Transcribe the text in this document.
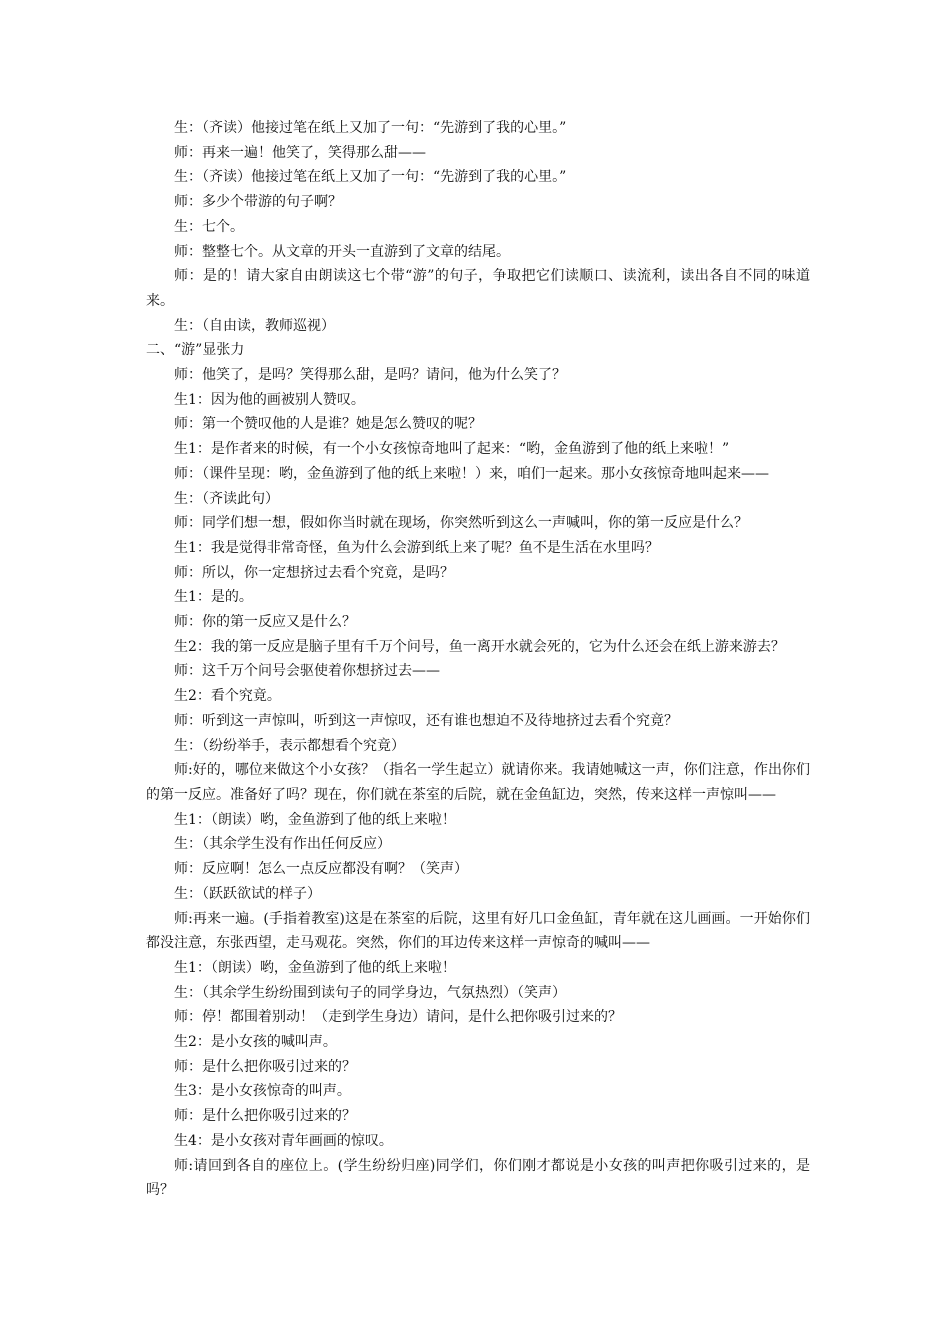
生：（齐读）他接过笔在纸上又加了一句：“先游到了我的心里。”
师：再来一遍！他笑了，笑得那么甜——
生：（齐读）他接过笔在纸上又加了一句：“先游到了我的心里。”
师：多少个带游的句子啊？
生：七个。
师：整整七个。从文章的开头一直游到了文章的结尾。
师：是的！请大家自由朗读这七个带“游”的句子，争取把它们读顺口、读流利，读出各自不同的味道来。
生：（自由读，教师巡视）
二、“游”显张力
师：他笑了，是吗？笑得那么甜，是吗？请问，他为什么笑了？
生1：因为他的画被别人赞叹。
师：第一个赞叹他的人是谁？她是怎么赞叹的呢？
生1：是作者来的时候，有一个小女孩惊奇地叫了起来：“哟，金鱼游到了他的纸上来啦！”
师：（课件呈现：哟，金鱼游到了他的纸上来啦！）来，咱们一起来。那小女孩惊奇地叫起来——
生：（齐读此句）
师：同学们想一想，假如你当时就在现场，你突然听到这么一声喊叫，你的第一反应是什么？
生1：我是觉得非常奇怪，鱼为什么会游到纸上来了呢？鱼不是生活在水里吗？
师：所以，你一定想挤过去看个究竟，是吗？
生1：是的。
师：你的第一反应又是什么？
生2：我的第一反应是脑子里有千万个问号，鱼一离开水就会死的，它为什么还会在纸上游来游去？
师：这千万个问号会驱使着你想挤过去——
生2：看个究竟。
师：听到这一声惊叫，听到这一声惊叹，还有谁也想迫不及待地挤过去看个究竟？
生：（纷纷举手，表示都想看个究竟）
师:好的，哪位来做这个小女孩？（指名一学生起立）就请你来。我请她喊这一声，你们注意，作出你们的第一反应。准备好了吗？现在，你们就在茶室的后院，就在金鱼缸边，突然，传来这样一声惊叫——
生1：（朗读）哟，金鱼游到了他的纸上来啦！
生：（其余学生没有作出任何反应）
师：反应啊！怎么一点反应都没有啊？（笑声）
生：（跃跃欲试的样子）
师:再来一遍。(手指着教室)这是在茶室的后院，这里有好几口金鱼缸，青年就在这儿画画。一开始你们都没注意，东张西望，走马观花。突然，你们的耳边传来这样一声惊奇的喊叫——
生1：（朗读）哟，金鱼游到了他的纸上来啦！
生：（其余学生纷纷围到读句子的同学身边，气氛热烈）（笑声）
师：停！都围着别动！（走到学生身边）请问，是什么把你吸引过来的？
生2：是小女孩的喊叫声。
师：是什么把你吸引过来的？
生3：是小女孩惊奇的叫声。
师：是什么把你吸引过来的？
生4：是小女孩对青年画画的惊叹。
师:请回到各自的座位上。(学生纷纷归座)同学们，你们刚才都说是小女孩的叫声把你吸引过来的，是吗？
